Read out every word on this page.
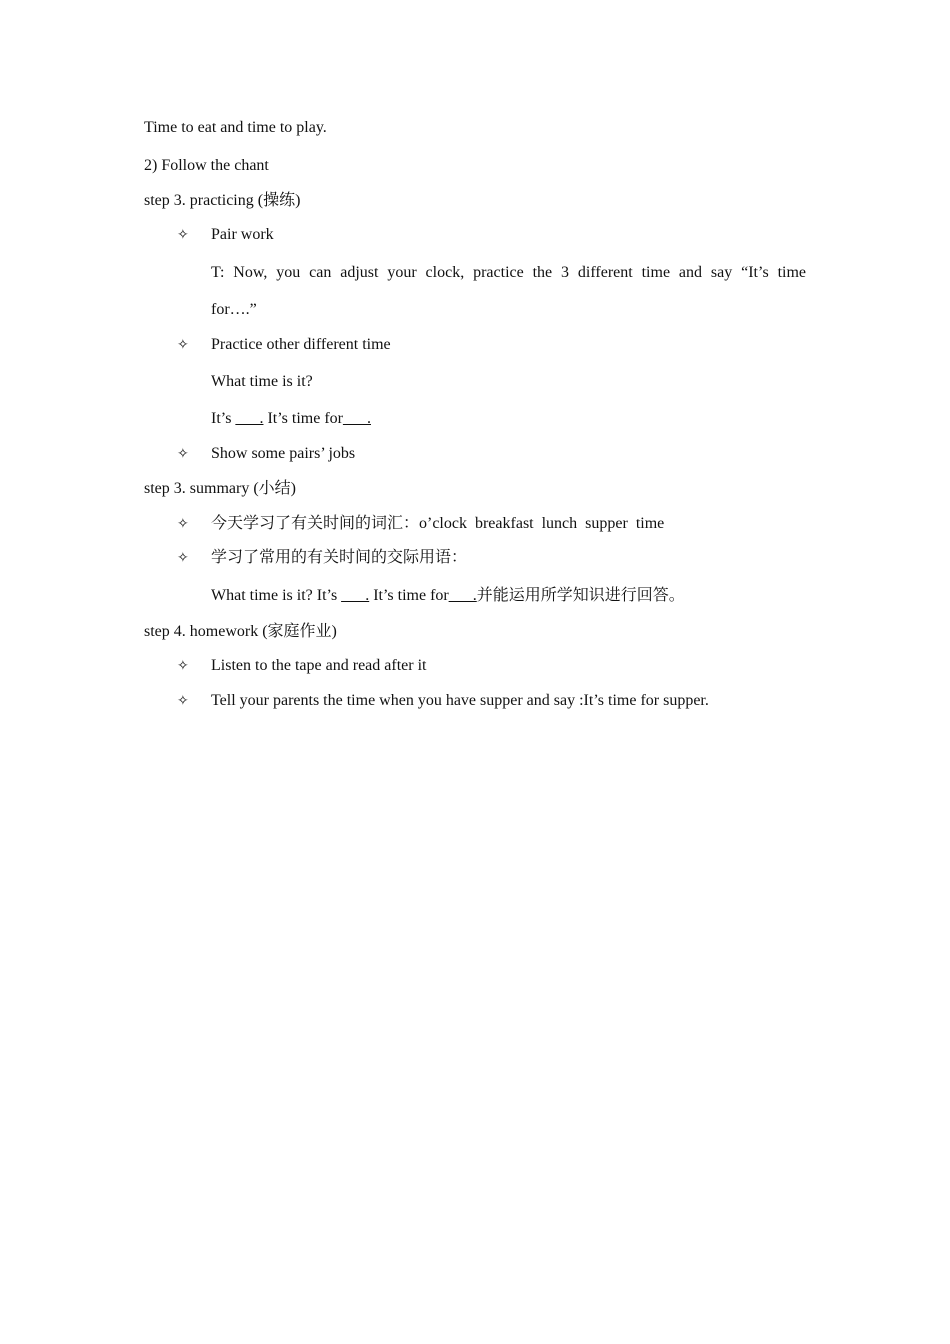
Time to eat and time to play.
2) Follow the chant
step 3. practicing (操练)
✧ Pair work
T: Now, you can adjust your clock, practice the 3 different time and say “It’s time
for….”
✧ Practice other different time
What time is it?
It’s ___. It’s time for___.
✧ Show some pairs’ jobs
step 3. summary (小结)
✧ 今天学习了有关时间的词汇：o’clock  breakfast  lunch  supper  time
✧ 学习了常用的有关时间的交际用语：
What time is it? It’s ___. It’s time for___.并能运用所学知识进行回答。
step 4. homework (家庭作业)
✧ Listen to the tape and read after it
✧ Tell your parents the time when you have supper and say :It’s time for supper.
